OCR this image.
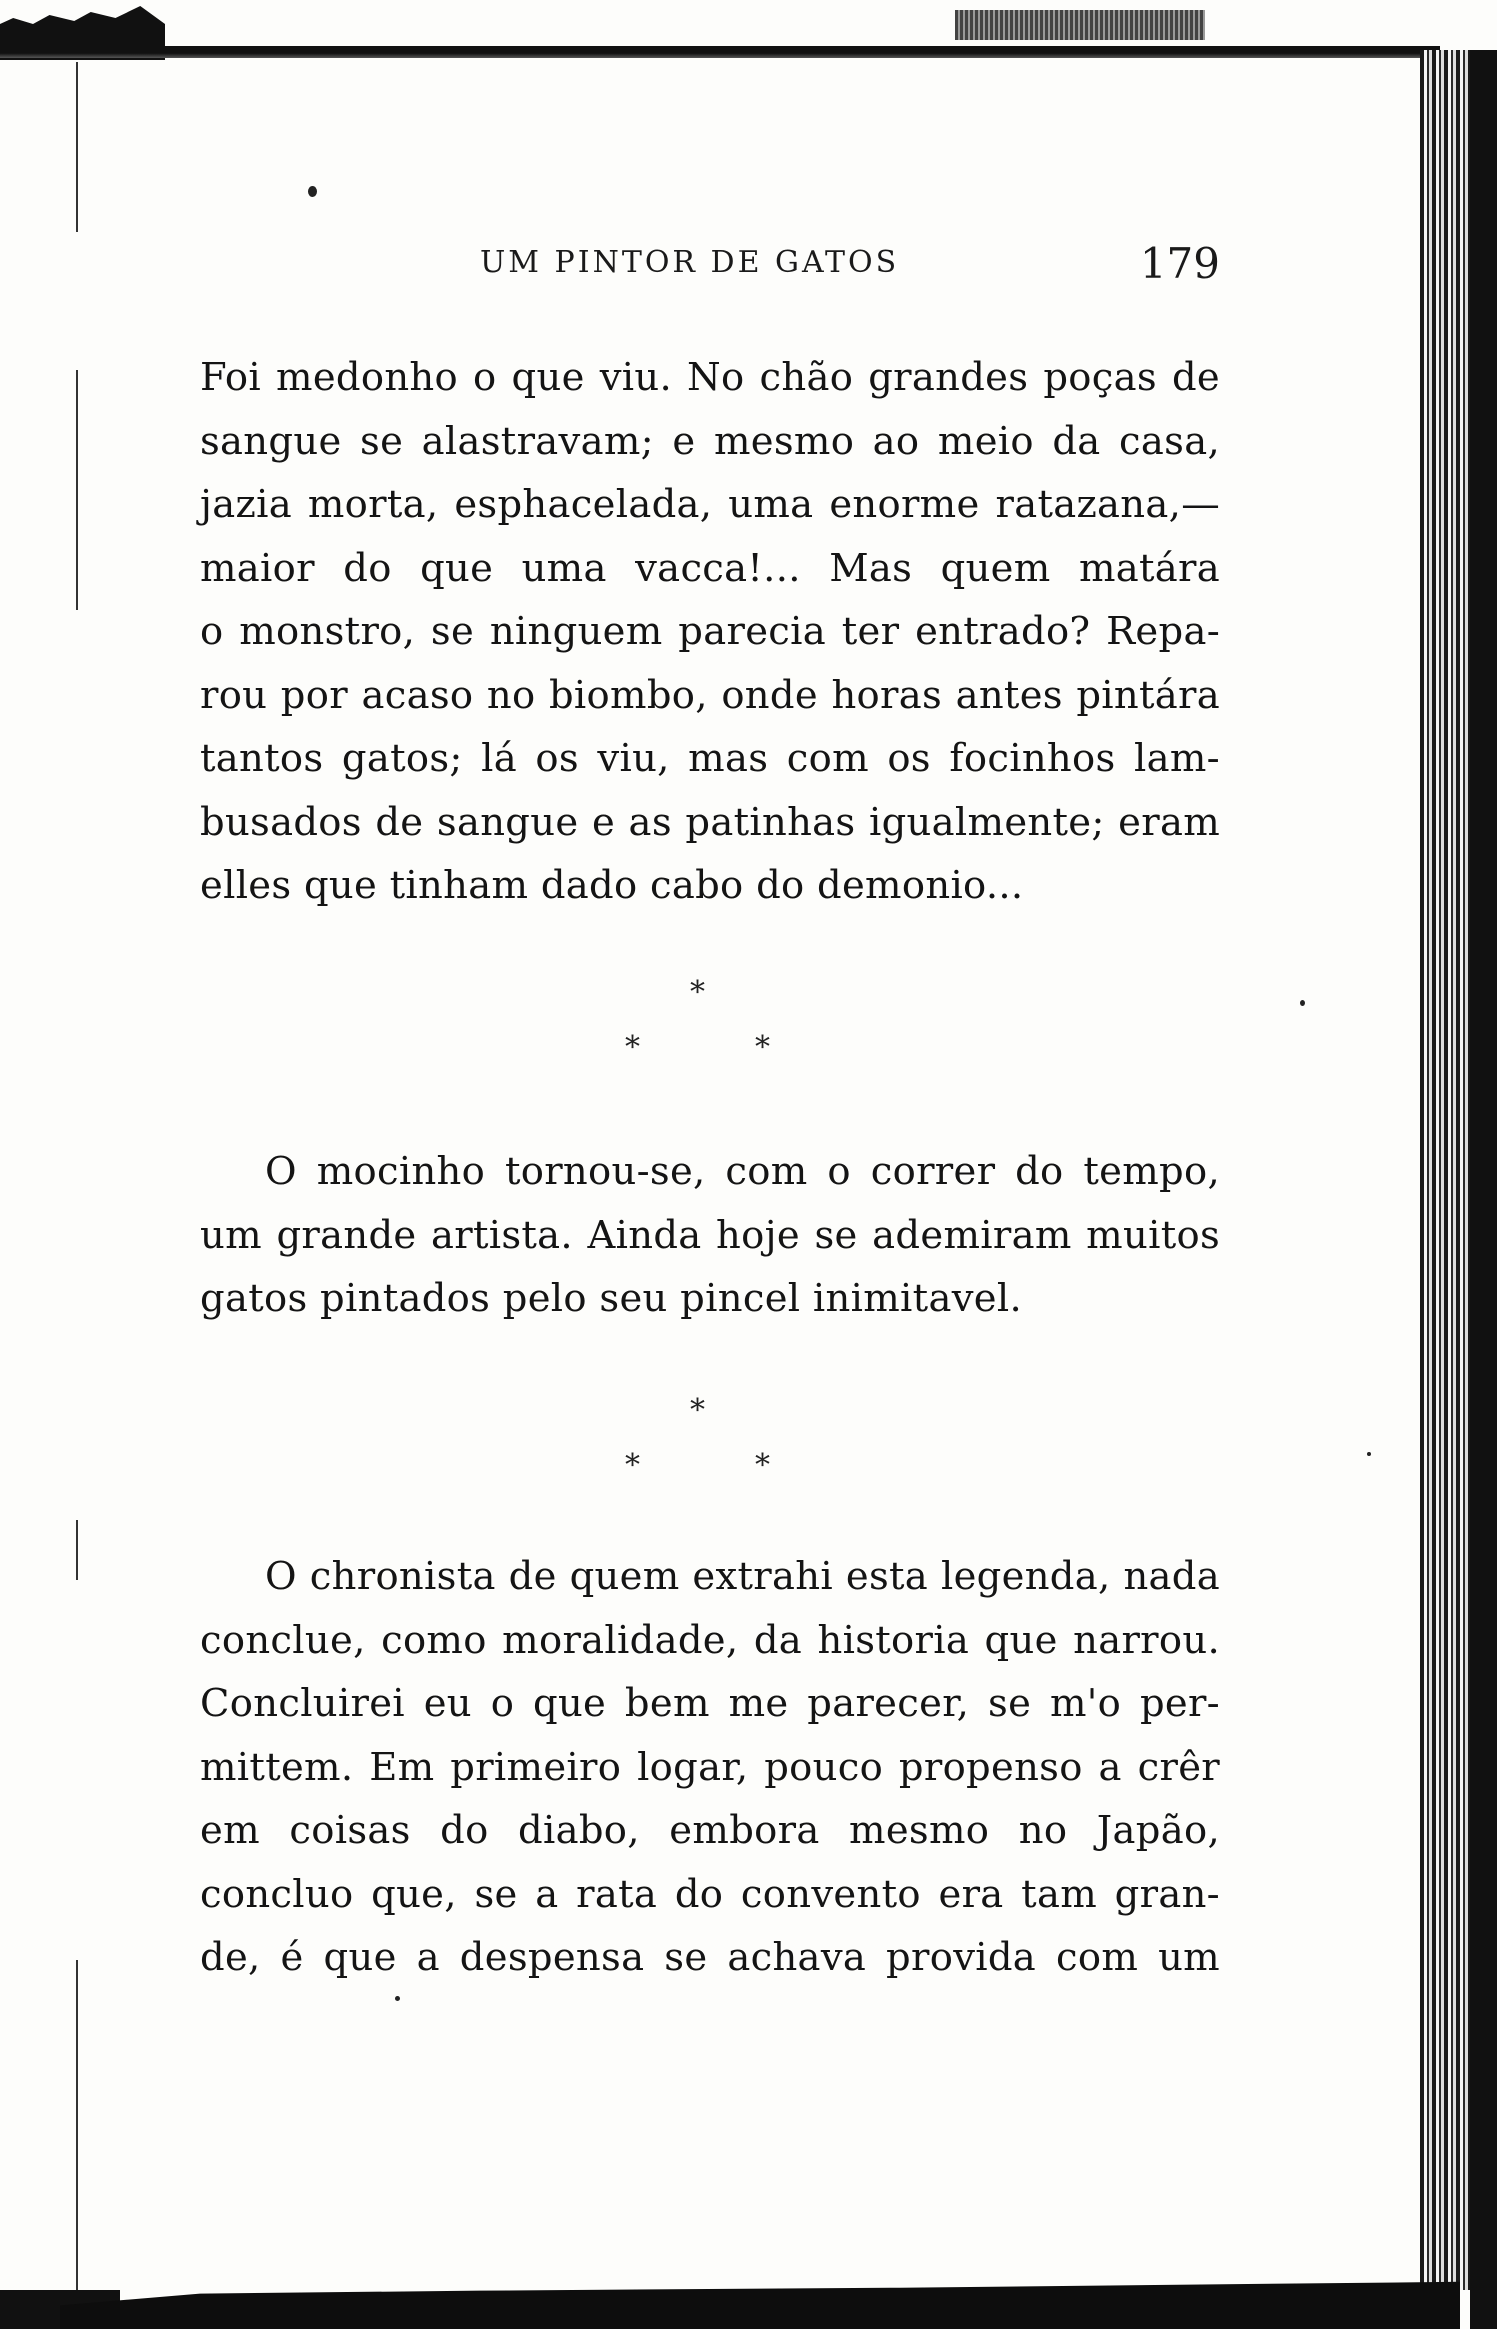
UM PINTOR DE GATOS	179
Foi medonho o que viu. No chão grandes poças de
sangue se alastravam; e mesmo ao meio da casa,
jazia morta, esphacelada, uma enorme ratazana,—
maior do que uma vacca!... Mas quem matára
o monstro, se ninguem parecia ter entrado? Repa-
rou por acaso no biombo, onde horas antes pintára
tantos gatos; lá os viu, mas com os focinhos lam-
busados de sangue e as patinhas igualmente; eram
elles que tinham dado cabo do demonio...
*
*	*
O mocinho tornou-se, com o correr do tempo,
um grande artista. Ainda hoje se ademiram muitos
gatos pintados pelo seu pincel inimitavel.
*
*	*
O chronista de quem extrahi esta legenda, nada
conclue, como moralidade, da historia que narrou.
Concluirei eu o que bem me parecer, se m'o per-
mittem. Em primeiro logar, pouco propenso a crêr
em coisas do diabo, embora mesmo no Japão,
concluo que, se a rata do convento era tam gran-
de, é que a despensa se achava provida com um
